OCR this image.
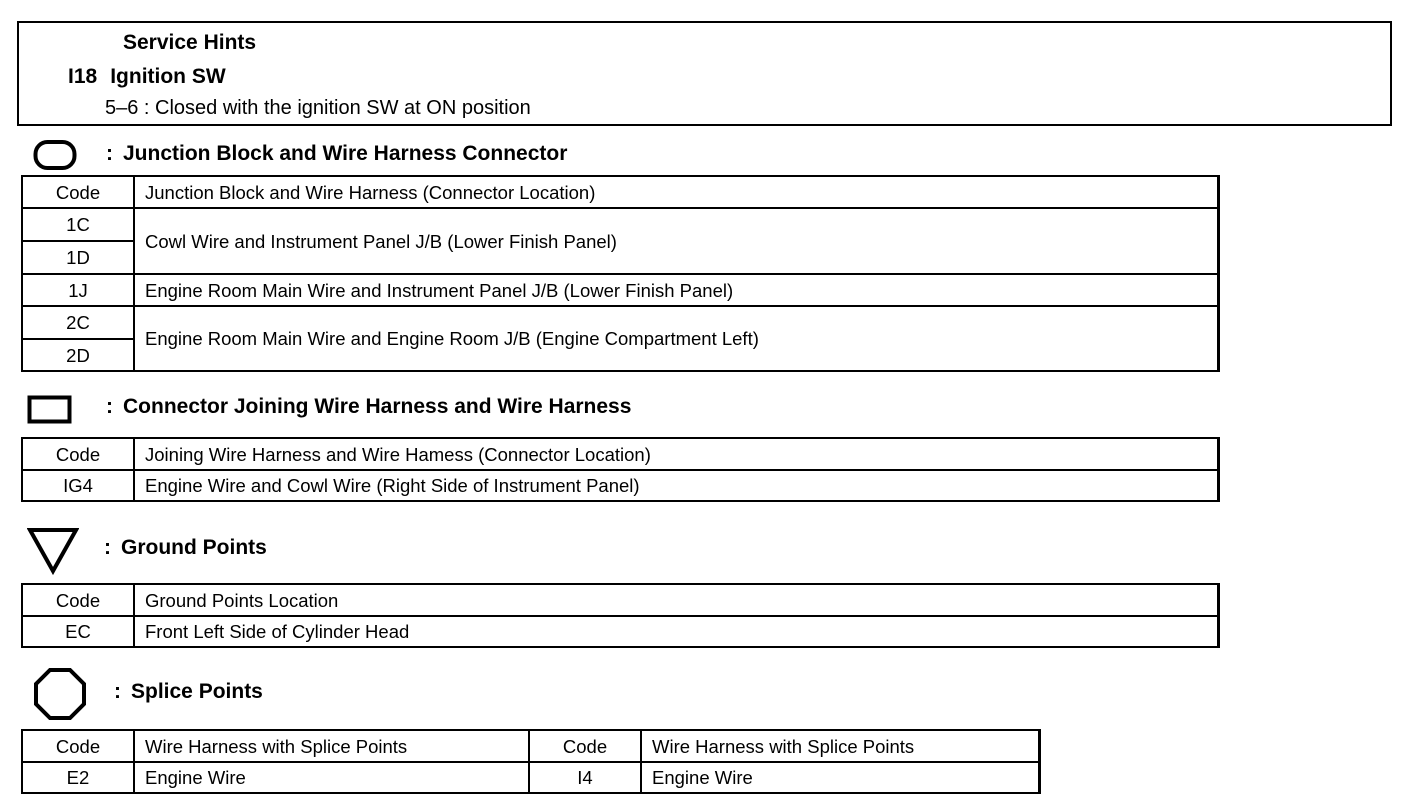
Service Hints
I18 Ignition SW
5–6 : Closed with the ignition SW at ON position
: Junction Block and Wire Harness Connector
Code	Junction Block and Wire Harness (Connector Location)
1C	Cowl Wire and Instrument Panel J/B (Lower Finish Panel)
1D	
1J	Engine Room Main Wire and Instrument Panel J/B (Lower Finish Panel)
2C	Engine Room Main Wire and Engine Room J/B (Engine Compartment Left)
2D	
: Connector Joining Wire Harness and Wire Harness
Code	Joining Wire Harness and Wire Hamess (Connector Location)
IG4	Engine Wire and Cowl Wire (Right Side of Instrument Panel)
: Ground Points
Code	Ground Points Location
EC	Front Left Side of Cylinder Head
: Splice Points
Code	Wire Harness with Splice Points	Code	Wire Harness with Splice Points
E2	Engine Wire	I4	Engine Wire
